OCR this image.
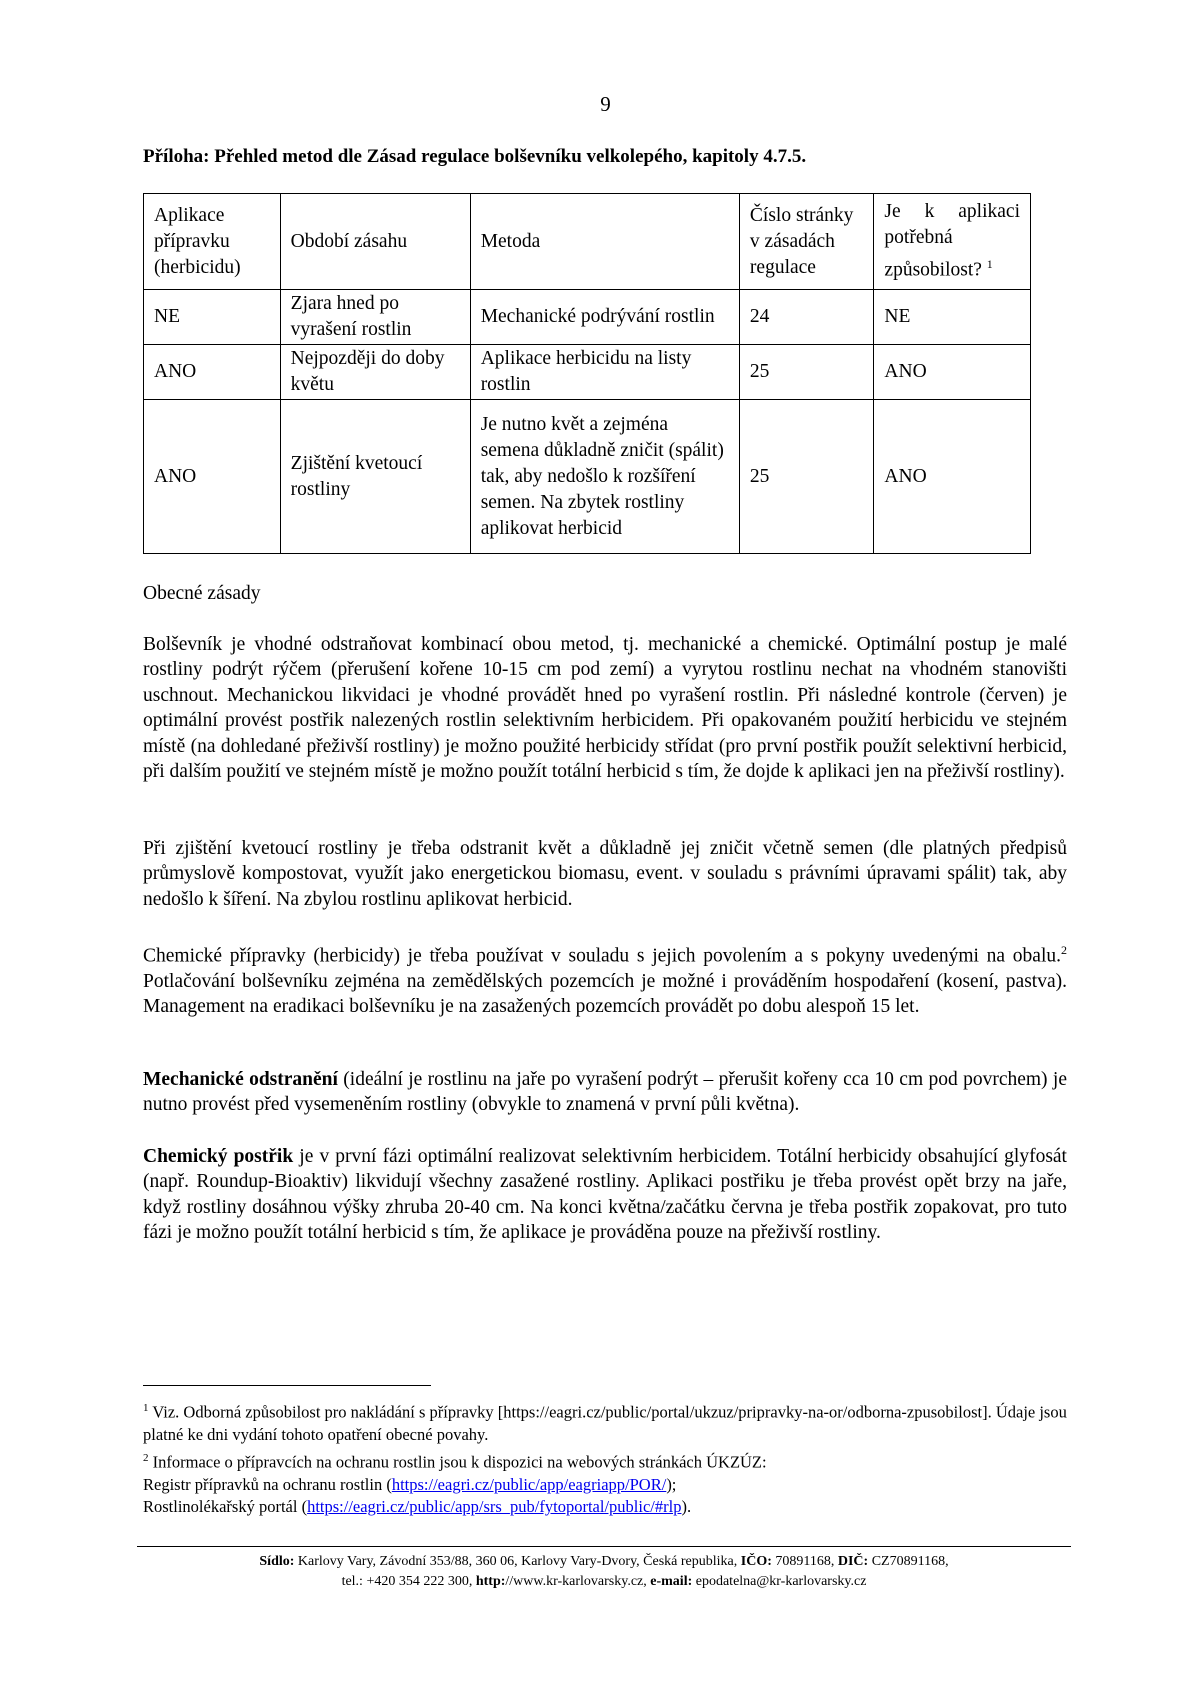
9
Příloha: Přehled metod dle Zásad regulace bolševníku velkolepého, kapitoly 4.7.5.
Aplikace přípravku (herbicidu)	Období zásahu	Metoda	Číslo stránky v zásadách regulace	Je k aplikaci
potřebná způsobilost? $^1$
NE	Zjara hned po vyrašení rostlin	Mechanické podrývání rostlin	24	NE
ANO	Nejpozději do doby květu	Aplikace herbicidu na listy rostlin	25	ANO
ANO	Zjištění kvetoucí rostliny	Je nutno květ a zejména semena důkladně zničit (spálit) tak, aby nedošlo k rozšíření semen. Na zbytek rostliny aplikovat herbicid	25	ANO
Obecné zásady

Bolševník je vhodné odstraňovat kombinací obou metod, tj. mechanické a chemické. Optimální postup je malé rostliny podrýt rýčem (přerušení kořene 10-15 cm pod zemí) a vyrytou rostlinu nechat na vhodném stanovišti uschnout. Mechanickou likvidaci je vhodné provádět hned po vyrašení rostlin. Při následné kontrole (červen) je optimální provést postřik nalezených rostlin selektivním herbicidem. Při opakovaném použití herbicidu ve stejném místě (na dohledané přeživší rostliny) je možno použité herbicidy střídat (pro první postřik použít selektivní herbicid, při dalším použití ve stejném místě je možno použít totální herbicid s tím, že dojde k aplikaci jen na přeživší rostliny).

Při zjištění kvetoucí rostliny je třeba odstranit květ a důkladně jej zničit včetně semen (dle platných předpisů průmyslově kompostovat, využít jako energetickou biomasu, event. v souladu s právními úpravami spálit) tak, aby nedošlo k šíření. Na zbylou rostlinu aplikovat herbicid.

Chemické přípravky (herbicidy) je třeba používat v souladu s jejich povolením a s pokyny uvedenými na obalu.$^2$ Potlačování bolševníku zejména na zemědělských pozemcích je možné i prováděním hospodaření (kosení, pastva). Management na eradikaci bolševníku je na zasažených pozemcích provádět po dobu alespoň 15 let.

Mechanické odstranění (ideální je rostlinu na jaře po vyrašení podrýt – přerušit kořeny cca 10 cm pod povrchem) je nutno provést před vysemeněním rostliny (obvykle to znamená v první půli května).

Chemický postřik je v první fázi optimální realizovat selektivním herbicidem. Totální herbicidy obsahující glyfosát (např. Roundup-Bioaktiv) likvidují všechny zasažené rostliny. Aplikaci postřiku je třeba provést opět brzy na jaře, když rostliny dosáhnou výšky zhruba 20-40 cm. Na konci května/začátku června je třeba postřik zopakovat, pro tuto fázi je možno použít totální herbicid s tím, že aplikace je prováděna pouze na přeživší rostliny.

$^1$ Viz. Odborná způsobilost pro nakládání s přípravky [https://eagri.cz/public/portal/ukzuz/pripravky-na-or/odborna-zpusobilost]. Údaje jsou platné ke dni vydání tohoto opatření obecné povahy.

$^2$ Informace o přípravcích na ochranu rostlin jsou k dispozici na webových stránkách ÚKZÚZ:

Registr přípravků na ochranu rostlin (https://eagri.cz/public/app/eagriapp/POR/);

Rostlinolékařský portál (https://eagri.cz/public/app/srs_pub/fytoportal/public/#rlp).

Sídlo: Karlovy Vary, Závodní 353/88, 360 06, Karlovy Vary-Dvory, Česká republika, IČO: 70891168, DIČ: CZ70891168,
tel.: +420 354 222 300, http://www.kr-karlovarsky.cz, e-mail: epodatelna@kr-karlovarsky.cz
